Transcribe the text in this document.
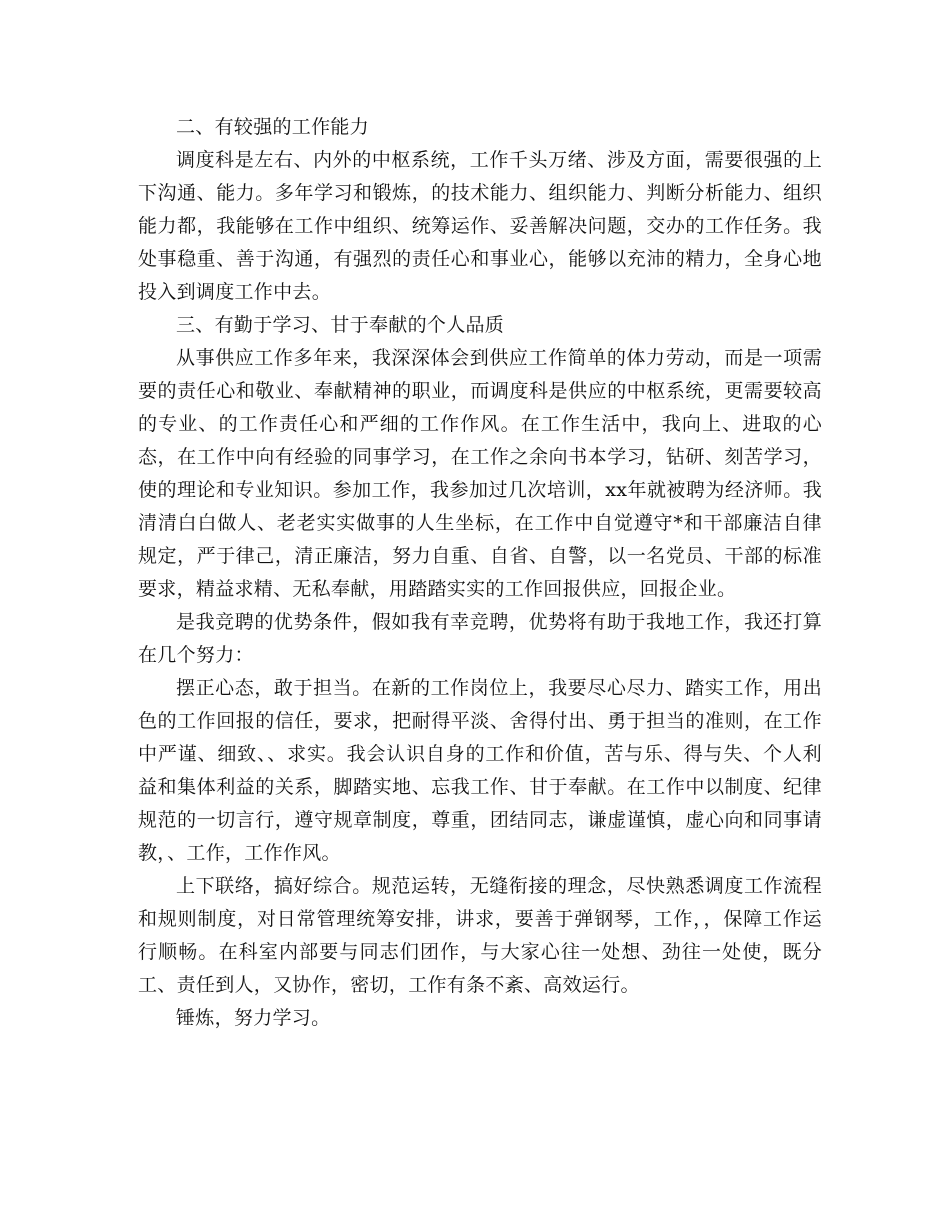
二、有较强的工作能力

调度科是左右、内外的中枢系统，工作千头万绪、涉及方面，需要很强的上下沟通、能力。多年学习和锻炼，的技术能力、组织能力、判断分析能力、组织能力都，我能够在工作中组织、统筹运作、妥善解决问题，交办的工作任务。我处事稳重、善于沟通，有强烈的责任心和事业心，能够以充沛的精力，全身心地投入到调度工作中去。

三、有勤于学习、甘于奉献的个人品质

从事供应工作多年来，我深深体会到供应工作简单的体力劳动，而是一项需要的责任心和敬业、奉献精神的职业，而调度科是供应的中枢系统，更需要较高的专业、的工作责任心和严细的工作作风。在工作生活中，我向上、进取的心态，在工作中向有经验的同事学习，在工作之余向书本学习，钻研、刻苦学习，使的理论和专业知识。参加工作，我参加过几次培训，xx年就被聘为经济师。我清清白白做人、老老实实做事的人生坐标，在工作中自觉遵守*和干部廉洁自律规定，严于律己，清正廉洁，努力自重、自省、自警，以一名党员、干部的标准要求，精益求精、无私奉献，用踏踏实实的工作回报供应，回报企业。

是我竞聘的优势条件，假如我有幸竞聘，优势将有助于我地工作，我还打算在几个努力：

摆正心态，敢于担当。在新的工作岗位上，我要尽心尽力、踏实工作，用出色的工作回报的信任，要求，把耐得平淡、舍得付出、勇于担当的准则，在工作中严谨、细致、、求实。我会认识自身的工作和价值，苦与乐、得与失、个人利益和集体利益的关系，脚踏实地、忘我工作、甘于奉献。在工作中以制度、纪律规范的一切言行，遵守规章制度，尊重，团结同志，谦虚谨慎，虚心向和同事请教，、工作，工作作风。

上下联络，搞好综合。规范运转，无缝衔接的理念，尽快熟悉调度工作流程和规则制度，对日常管理统筹安排，讲求，要善于弹钢琴，工作，，保障工作运行顺畅。在科室内部要与同志们团作，与大家心往一处想、劲往一处使，既分工、责任到人，又协作，密切，工作有条不紊、高效运行。

锤炼，努力学习。
